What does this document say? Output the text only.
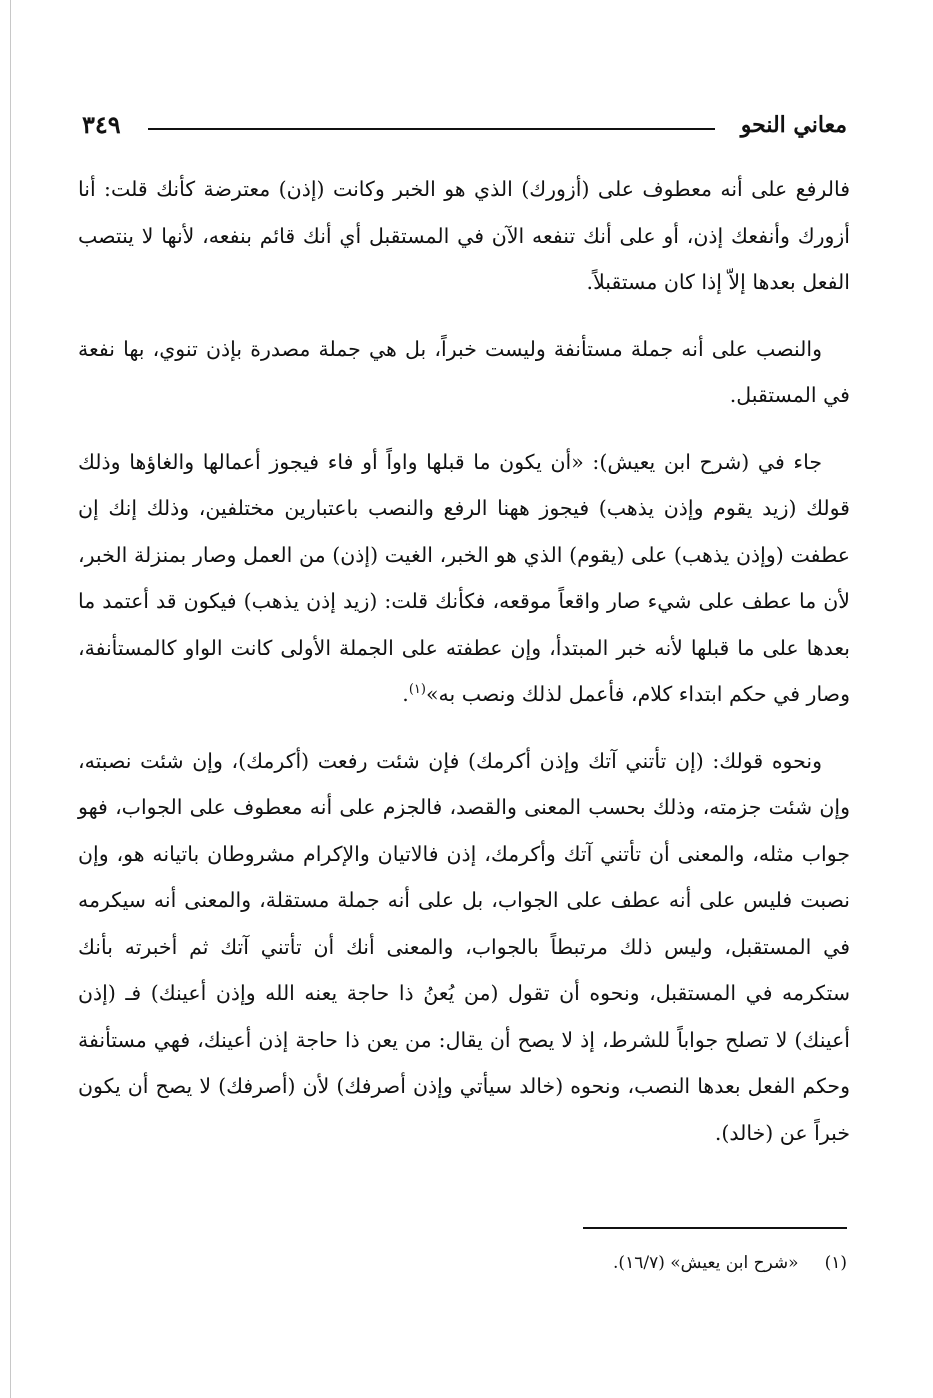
معاني النحو
٣٤٩

فالرفع على أنه معطوف على (أزورك) الذي هو الخبر وكانت (إذن) معترضة كأنك قلت: أنا أزورك وأنفعك إذن، أو على أنك تنفعه الآن في المستقبل أي أنك قائم بنفعه، لأنها لا ينتصب الفعل بعدها إلاّ إذا كان مستقبلاً.

والنصب على أنه جملة مستأنفة وليست خبراً، بل هي جملة مصدرة بإذن تنوي، بها نفعة في المستقبل.

جاء في (شرح ابن يعيش): «أن يكون ما قبلها واواً أو فاء فيجوز أعمالها والغاؤها وذلك قولك (زيد يقوم وإذن يذهب) فيجوز ههنا الرفع والنصب باعتبارين مختلفين، وذلك إنك إن عطفت (وإذن يذهب) على (يقوم) الذي هو الخبر، الغيت (إذن) من العمل وصار بمنزلة الخبر، لأن ما عطف على شيء صار واقعاً موقعه، فكأنك قلت: (زيد إذن يذهب) فيكون قد أعتمد ما بعدها على ما قبلها لأنه خبر المبتدأ، وإن عطفته على الجملة الأولى كانت الواو كالمستأنفة، وصار في حكم ابتداء كلام، فأعمل لذلك ونصب به»$^{(١)}$.

ونحوه قولك: (إن تأتني آتك وإذن أكرمك) فإن شئت رفعت (أكرمك)، وإن شئت نصبته، وإن شئت جزمته، وذلك بحسب المعنى والقصد، فالجزم على أنه معطوف على الجواب، فهو جواب مثله، والمعنى أن تأتني آتك وأكرمك، إذن فالاتيان والإكرام مشروطان باتيانه هو، وإن نصبت فليس على أنه عطف على الجواب، بل على أنه جملة مستقلة، والمعنى أنه سيكرمه في المستقبل، وليس ذلك مرتبطاً بالجواب، والمعنى أنك أن تأتني آتك ثم أخبرته بأنك ستكرمه في المستقبل، ونحوه أن تقول (من يُعنُ ذا حاجة يعنه الله وإذن أعينك) فـ (إذن أعينك) لا تصلح جواباً للشرط، إذ لا يصح أن يقال: من يعن ذا حاجة إذن أعينك، فهي مستأنفة وحكم الفعل بعدها النصب، ونحوه (خالد سيأتي وإذن أصرفك) لأن (أصرفك) لا يصح أن يكون خبراً عن (خالد).

(١)«شرح ابن يعيش» (١٦/٧).
